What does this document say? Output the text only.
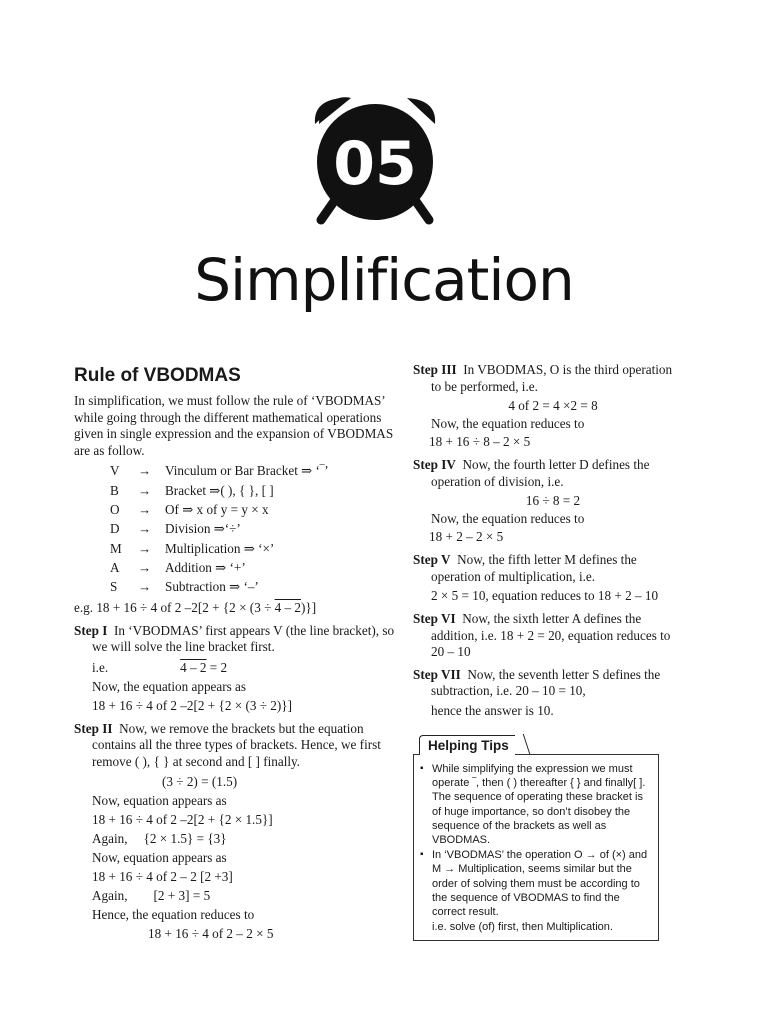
05
Simplification
Rule of VBODMAS

In simplification, we must follow the rule of ‘VBODMAS’ while going through the different mathematical operations given in single expression and the expansion of VBODMAS are as follow.

V	→	Vinculum or Bar Bracket ⇒ ‘‾’
B	→	Bracket ⇒( ), { }, [ ]
O	→	Of ⇒ x of y = y × x
D	→	Division ⇒‘÷’
M	→	Multiplication ⇒ ‘×’
A	→	Addition ⇒ ‘+’
S	→	Subtraction ⇒ ‘–’

e.g. 18 + 16 ÷ 4 of 2 –2[2 + {2 × (3 ÷ 4 – 2)}]

Step I In ‘VBODMAS’ first appears V (the line bracket), so we will solve the line bracket first.

i.e.	4 – 2 = 2
Now, the equation appears as
18 + 16 ÷ 4 of 2 –2[2 + {2 × (3 ÷ 2)}]

Step II Now, we remove the brackets but the equation contains all the three types of brackets. Hence, we first remove ( ), { } at second and [ ] finally.

(3 ÷ 2) = (1.5)
Now, equation appears as
18 + 16 ÷ 4 of 2 –2[2 + {2 × 1.5}]
Again, {2 × 1.5} = {3}
Now, equation appears as
18 + 16 ÷ 4 of 2 – 2 [2 +3]
Again, [2 + 3] = 5
Hence, the equation reduces to
18 + 16 ÷ 4 of 2 – 2 × 5

Step III In VBODMAS, O is the third operation to be performed, i.e.

4 of 2 = 4 ×2 = 8
Now, the equation reduces to
18 + 16 ÷ 8 – 2 × 5

Step IV Now, the fourth letter D defines the operation of division, i.e.

16 ÷ 8 = 2
Now, the equation reduces to
18 + 2 – 2 × 5

Step V Now, the fifth letter M defines the operation of multiplication, i.e.

2 × 5 = 10, equation reduces to 18 + 2 – 10

Step VI Now, the sixth letter A defines the addition, i.e. 18 + 2 = 20, equation reduces to 20 – 10

Step VII Now, the seventh letter S defines the subtraction, i.e. 20 – 10 = 10,

hence the answer is 10.
Helping Tips
▪ While simplifying the expression we must operate ‾, then ( ) thereafter { } and finally[ ]. The sequence of operating these bracket is of huge importance, so don’t disobey the sequence of the brackets as well as VBODMAS.
▪ In ‘VBODMAS’ the operation O → of (×) and M → Multiplication, seems similar but the order of solving them must be according to the sequence of VBODMAS to find the correct result.
i.e. solve (of) first, then Multiplication.
